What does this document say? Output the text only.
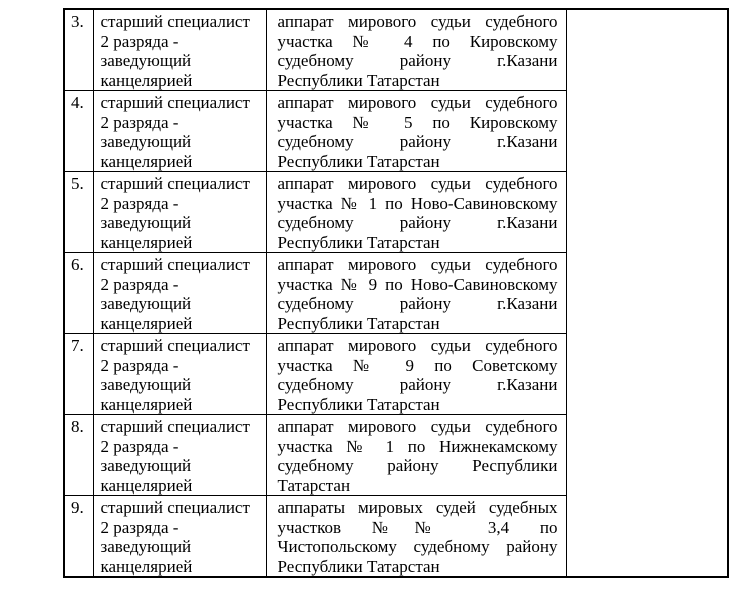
3.	старший специалист
2 разряда -
заведующий
канцелярией

аппарат мирового судьи судебного
участка № 4 по Кировскому
судебному району г.Казани
Республики Татарстан

4.	старший специалист
2 разряда -
заведующий
канцелярией

аппарат мирового судьи судебного
участка № 5 по Кировскому
судебному району г.Казани
Республики Татарстан

5.	старший специалист
2 разряда -
заведующий
канцелярией

аппарат мирового судьи судебного
участка № 1 по Ново-Савиновскому
судебному району г.Казани
Республики Татарстан

6.	старший специалист
2 разряда -
заведующий
канцелярией

аппарат мирового судьи судебного
участка № 9 по Ново-Савиновскому
судебному району г.Казани
Республики Татарстан

7.	старший специалист
2 разряда -
заведующий
канцелярией

аппарат мирового судьи судебного
участка № 9 по Советскому
судебному району г.Казани
Республики Татарстан

8.	старший специалист
2 разряда -
заведующий
канцелярией

аппарат мирового судьи судебного
участка № 1 по Нижнекамскому
судебному району Республики
Татарстан

9.	старший специалист
2 разряда -
заведующий
канцелярией

аппараты мировых судей судебных
участков №№ 3,4 по
Чистопольскому судебному району
Республики Татарстан
